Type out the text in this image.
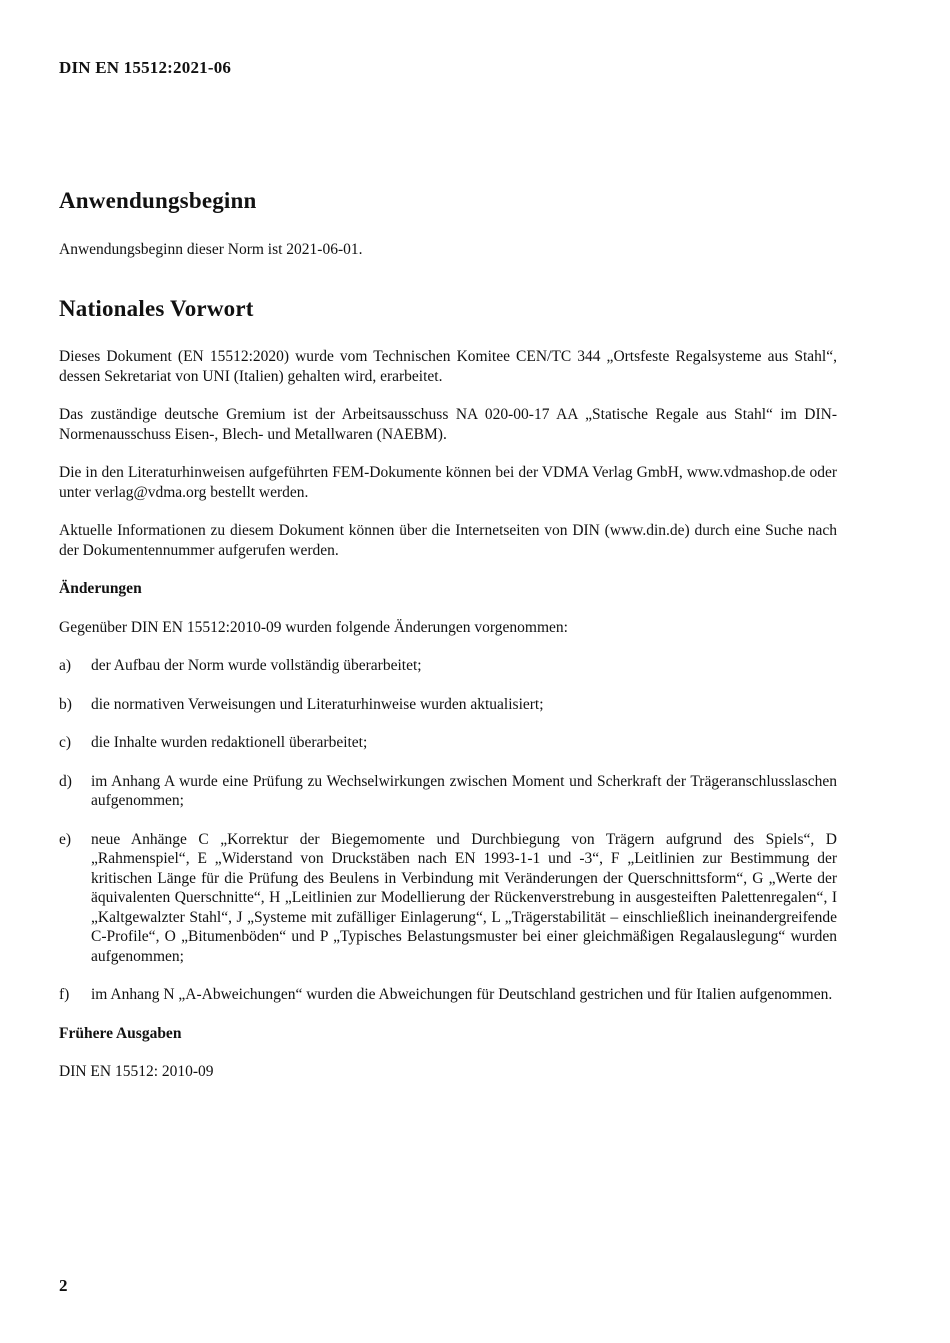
DIN EN 15512:2021-06
Anwendungsbeginn

Anwendungsbeginn dieser Norm ist 2021-06-01.

Nationales Vorwort

Dieses Dokument (EN 15512:2020) wurde vom Technischen Komitee CEN/TC 344 „Ortsfeste Regalsysteme aus Stahl“, dessen Sekretariat von UNI (Italien) gehalten wird, erarbeitet.

Das zuständige deutsche Gremium ist der Arbeitsausschuss NA 020-00-17 AA „Statische Regale aus Stahl“ im DIN-Normenausschuss Eisen-, Blech- und Metallwaren (NAEBM).

Die in den Literaturhinweisen aufgeführten FEM-Dokumente können bei der VDMA Verlag GmbH, www.vdmashop.de oder unter verlag@vdma.org bestellt werden.

Aktuelle Informationen zu diesem Dokument können über die Internetseiten von DIN (www.din.de) durch eine Suche nach der Dokumentennummer aufgerufen werden.

Änderungen

Gegenüber DIN EN 15512:2010-09 wurden folgende Änderungen vorgenommen:

a) der Aufbau der Norm wurde vollständig überarbeitet;
b) die normativen Verweisungen und Literaturhinweise wurden aktualisiert;
c) die Inhalte wurden redaktionell überarbeitet;
d) im Anhang A wurde eine Prüfung zu Wechselwirkungen zwischen Moment und Scherkraft der Trägeranschlusslaschen aufgenommen;
e) neue Anhänge C „Korrektur der Biegemomente und Durchbiegung von Trägern aufgrund des Spiels“, D „Rahmenspiel“, E „Widerstand von Druckstäben nach EN 1993-1-1 und -3“, F „Leitlinien zur Bestimmung der kritischen Länge für die Prüfung des Beulens in Verbindung mit Veränderungen der Querschnittsform“, G „Werte der äquivalenten Querschnitte“, H „Leitlinien zur Modellierung der Rückenverstrebung in ausgesteiften Palettenregalen“, I „Kaltgewalzter Stahl“, J „Systeme mit zufälliger Einlagerung“, L „Trägerstabilität – einschließlich ineinandergreifende C-Profile“, O „Bitumenböden“ und P „Typisches Belastungsmuster bei einer gleichmäßigen Regalauslegung“ wurden aufgenommen;
f) im Anhang N „A-Abweichungen“ wurden die Abweichungen für Deutschland gestrichen und für Italien aufgenommen.

Frühere Ausgaben

DIN EN 15512: 2010-09

2
